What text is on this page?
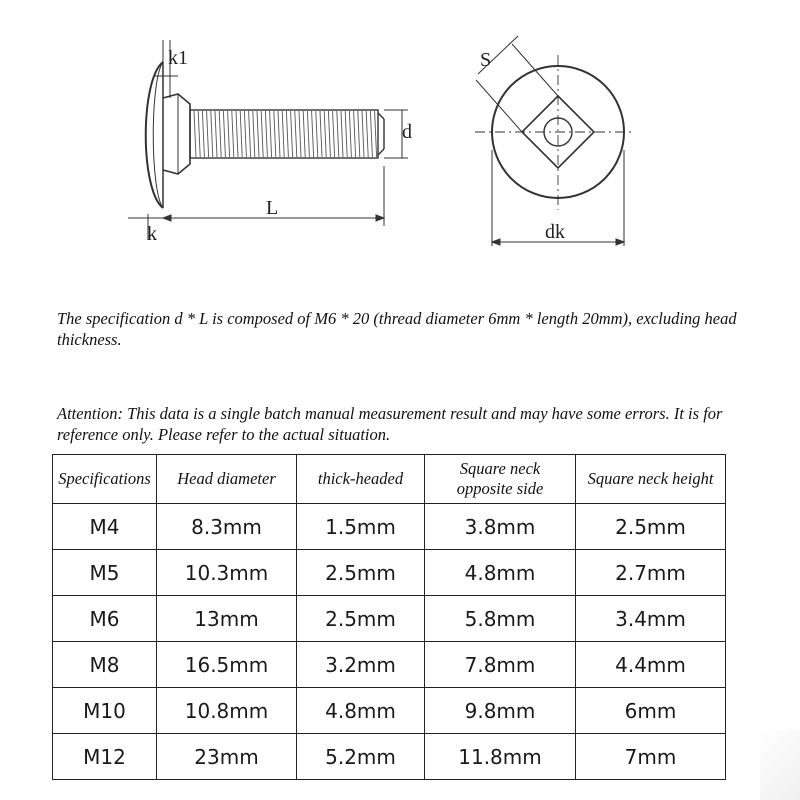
k1
d
L
k
S
dk

The specification d * L is composed of M6 * 20 (thread diameter 6mm * length 20mm), excluding head thickness.

Attention: This data is a single batch manual measurement result and may have some errors. It is for reference only. Please refer to the actual situation.

Specifications	Head diameter	thick-headed	Square neck opposite side	Square neck height
M4	8.3mm	1.5mm	3.8mm	2.5mm
M5	10.3mm	2.5mm	4.8mm	2.7mm
M6	13mm	2.5mm	5.8mm	3.4mm
M8	16.5mm	3.2mm	7.8mm	4.4mm
M10	10.8mm	4.8mm	9.8mm	6mm
M12	23mm	5.2mm	11.8mm	7mm
